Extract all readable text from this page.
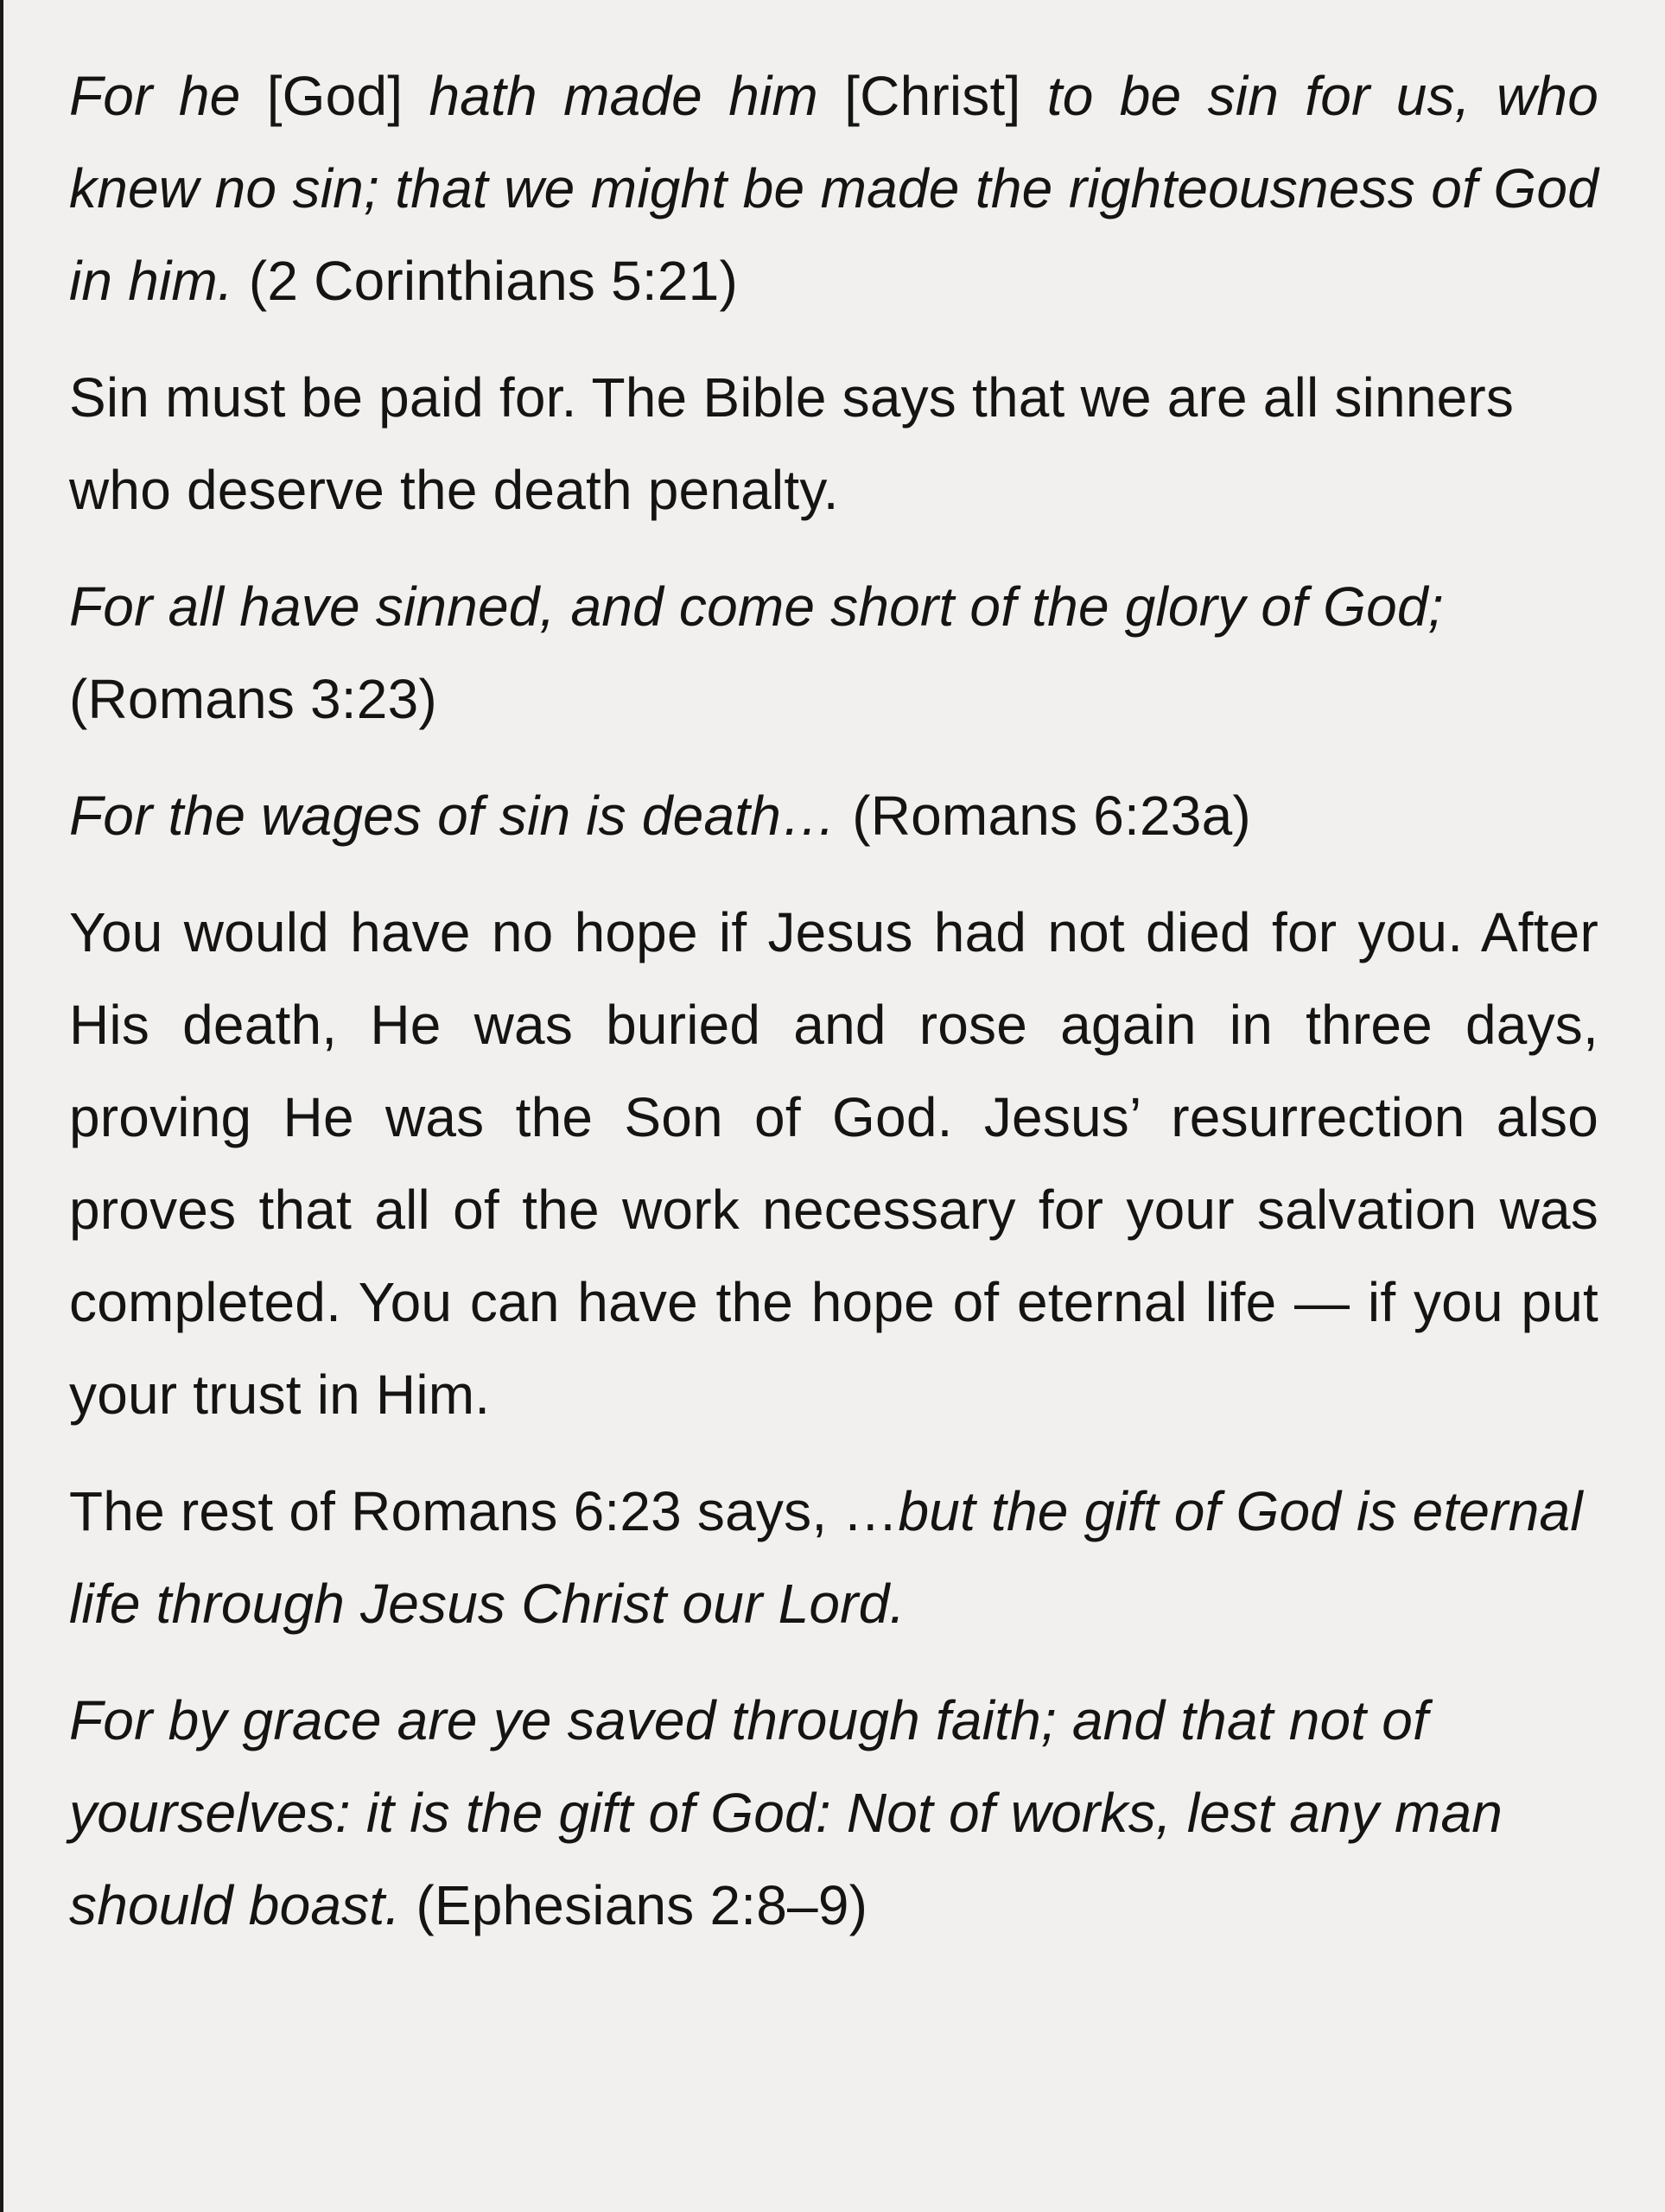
For he [God] hath made him [Christ] to be sin for us, who knew no sin; that we might be made the righteousness of God in him. (2 Corinthians 5:21)

Sin must be paid for. The Bible says that we are all sinners who deserve the death penalty.

For all have sinned, and come short of the glory of God; (Romans 3:23)

For the wages of sin is death… (Romans 6:23a)

You would have no hope if Jesus had not died for you. After His death, He was buried and rose again in three days, proving He was the Son of God. Jesus’ resurrection also proves that all of the work necessary for your salvation was completed. You can have the hope of eternal life — if you put your trust in Him.

The rest of Romans 6:23 says, …but the gift of God is eternal life through Jesus Christ our Lord.

For by grace are ye saved through faith; and that not of yourselves: it is the gift of God: Not of works, lest any man should boast. (Ephesians 2:8–9)
